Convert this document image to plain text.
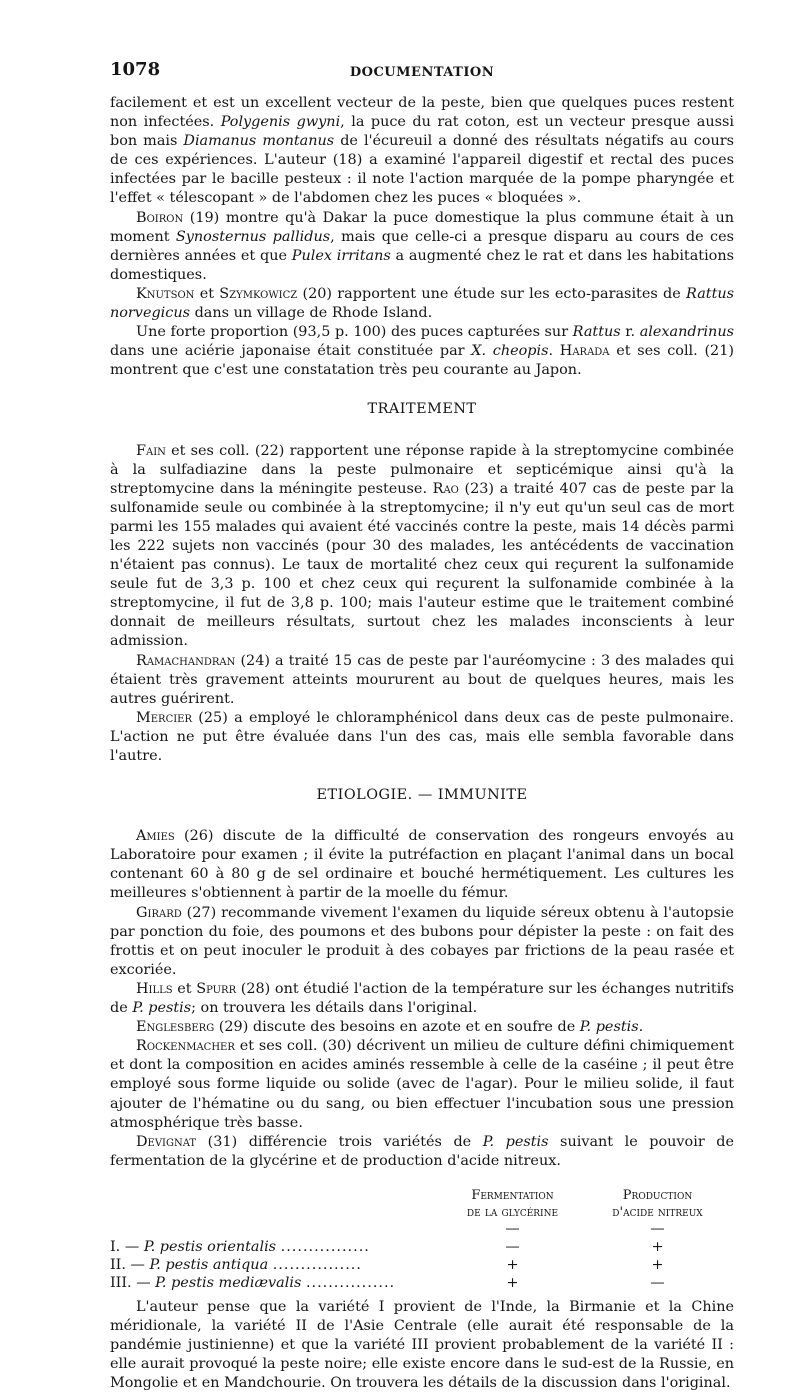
1078	DOCUMENTATION

facilement et est un excellent vecteur de la peste, bien que quelques puces restent non infectées. Polygenis gwyni, la puce du rat coton, est un vecteur presque aussi bon mais Diamanus montanus de l'écureuil a donné des résultats négatifs au cours de ces expériences. L'auteur (18) a examiné l'appareil digestif et rectal des puces infectées par le bacille pesteux : il note l'action marquée de la pompe pharyngée et l'effet « télescopant » de l'abdomen chez les puces « bloquées ».

Boiron (19) montre qu'à Dakar la puce domestique la plus commune était à un moment Synosternus pallidus, mais que celle-ci a presque disparu au cours de ces dernières années et que Pulex irritans a augmenté chez le rat et dans les habitations domestiques.

Knutson et Szymkowicz (20) rapportent une étude sur les ecto-parasites de Rattus norvegicus dans un village de Rhode Island.

Une forte proportion (93,5 p. 100) des puces capturées sur Rattus r. alexandrinus dans une aciérie japonaise était constituée par X. cheopis. Harada et ses coll. (21) montrent que c'est une constatation très peu courante au Japon.

TRAITEMENT

Fain et ses coll. (22) rapportent une réponse rapide à la streptomycine combinée à la sulfadiazine dans la peste pulmonaire et septicémique ainsi qu'à la streptomycine dans la méningite pesteuse. Rao (23) a traité 407 cas de peste par la sulfonamide seule ou combinée à la streptomycine; il n'y eut qu'un seul cas de mort parmi les 155 malades qui avaient été vaccinés contre la peste, mais 14 décès parmi les 222 sujets non vaccinés (pour 30 des malades, les antécédents de vaccination n'étaient pas connus). Le taux de mortalité chez ceux qui reçurent la sulfonamide seule fut de 3,3 p. 100 et chez ceux qui reçurent la sulfonamide combinée à la streptomycine, il fut de 3,8 p. 100; mais l'auteur estime que le traitement combiné donnait de meilleurs résultats, surtout chez les malades inconscients à leur admission.

Ramachandran (24) a traité 15 cas de peste par l'auréomycine : 3 des malades qui étaient très gravement atteints moururent au bout de quelques heures, mais les autres guérirent.

Mercier (25) a employé le chloramphénicol dans deux cas de peste pulmonaire. L'action ne put être évaluée dans l'un des cas, mais elle sembla favorable dans l'autre.

ETIOLOGIE. — IMMUNITE

Amies (26) discute de la difficulté de conservation des rongeurs envoyés au Laboratoire pour examen ; il évite la putréfaction en plaçant l'animal dans un bocal contenant 60 à 80 g de sel ordinaire et bouché hermétiquement. Les cultures les meilleures s'obtiennent à partir de la moelle du fémur.

Girard (27) recommande vivement l'examen du liquide séreux obtenu à l'autopsie par ponction du foie, des poumons et des bubons pour dépister la peste : on fait des frottis et on peut inoculer le produit à des cobayes par frictions de la peau rasée et excoriée.

Hills et Spurr (28) ont étudié l'action de la température sur les échanges nutritifs de P. pestis; on trouvera les détails dans l'original.

Englesberg (29) discute des besoins en azote et en soufre de P. pestis.

Rockenmacher et ses coll. (30) décrivent un milieu de culture défini chimiquement et dont la composition en acides aminés ressemble à celle de la caséine ; il peut être employé sous forme liquide ou solide (avec de l'agar). Pour le milieu solide, il faut ajouter de l'hématine ou du sang, ou bien effectuer l'incubation sous une pression atmosphérique très basse.

Devignat (31) différencie trois variétés de P. pestis suivant le pouvoir de fermentation de la glycérine et de production d'acide nitreux.

Fermentation
de la glycérine
Production
d'acide nitreux
—	—
I. — P. pestis orientalis ................	—	+
II. — P. pestis antiqua ................	+	+
III. — P. pestis mediævalis ................	+	—

L'auteur pense que la variété I provient de l'Inde, la Birmanie et la Chine méridionale, la variété II de l'Asie Centrale (elle aurait été responsable de la pandémie justinienne) et que la variété III provient probablement de la variété II : elle aurait provoqué la peste noire; elle existe encore dans le sud-est de la Russie, en Mongolie et en Mandchourie. On trouvera les détails de la discussion dans l'original.
